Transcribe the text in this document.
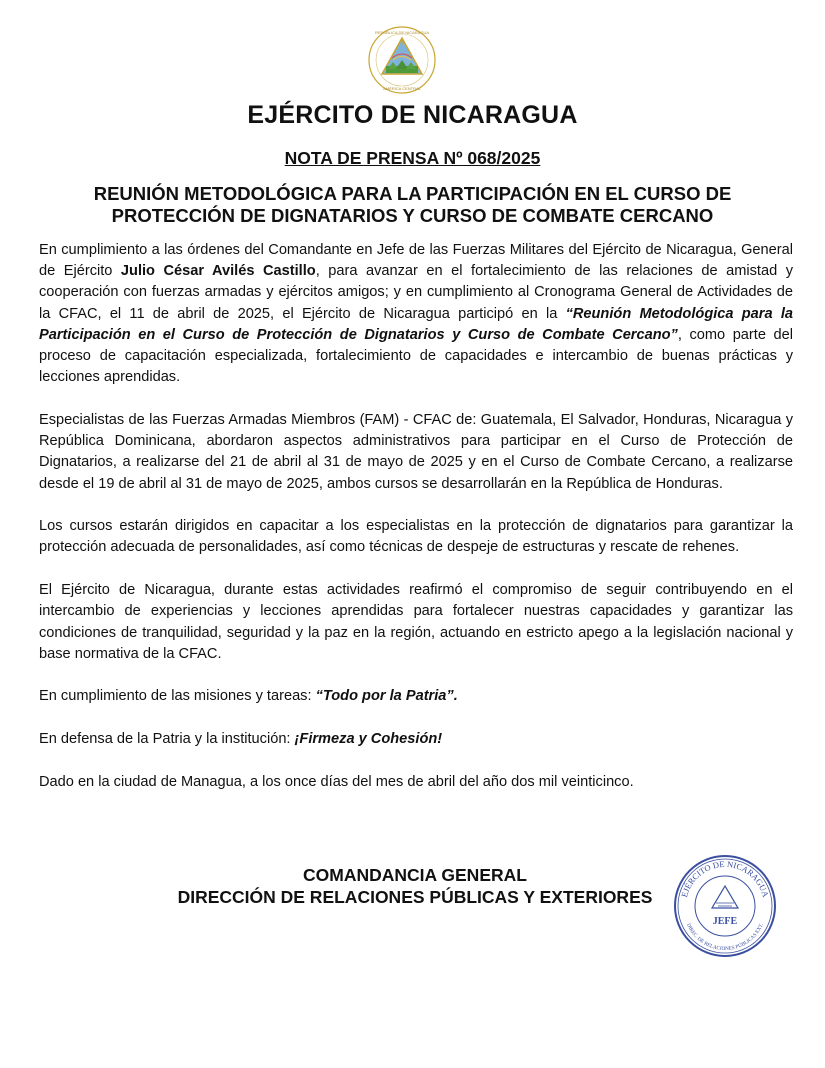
REPÚBLICA DE NICARAGUA
AMÉRICA CENTRAL
EJÉRCITO DE NICARAGUA
NOTA DE PRENSA Nº 068/2025
REUNIÓN METODOLÓGICA PARA LA PARTICIPACIÓN EN EL CURSO DE
PROTECCIÓN DE DIGNATARIOS Y CURSO DE COMBATE CERCANO

En cumplimiento a las órdenes del Comandante en Jefe de las Fuerzas Militares del Ejército de Nicaragua, General de Ejército Julio César Avilés Castillo, para avanzar en el fortalecimiento de las relaciones de amistad y cooperación con fuerzas armadas y ejércitos amigos; y en cumplimiento al Cronograma General de Actividades de la CFAC, el 11 de abril de 2025, el Ejército de Nicaragua participó en la “Reunión Metodológica para la Participación en el Curso de Protección de Dignatarios y Curso de Combate Cercano”, como parte del proceso de capacitación especializada, fortalecimiento de capacidades e intercambio de buenas prácticas y lecciones aprendidas.

Especialistas de las Fuerzas Armadas Miembros (FAM) - CFAC de: Guatemala, El Salvador, Honduras, Nicaragua y República Dominicana, abordaron aspectos administrativos para participar en el Curso de Protección de Dignatarios, a realizarse del 21 de abril al 31 de mayo de 2025 y en el Curso de Combate Cercano, a realizarse desde el 19 de abril al 31 de mayo de 2025, ambos cursos se desarrollarán en la República de Honduras.

Los cursos estarán dirigidos en capacitar a los especialistas en la protección de dignatarios para garantizar la protección adecuada de personalidades, así como técnicas de despeje de estructuras y rescate de rehenes.

El Ejército de Nicaragua, durante estas actividades reafirmó el compromiso de seguir contribuyendo en el intercambio de experiencias y lecciones aprendidas para fortalecer nuestras capacidades y garantizar las condiciones de tranquilidad, seguridad y la paz en la región, actuando en estricto apego a la legislación nacional y base normativa de la CFAC.

En cumplimiento de las misiones y tareas: “Todo por la Patria”.

En defensa de la Patria y la institución: ¡Firmeza y Cohesión!

Dado en la ciudad de Managua, a los once días del mes de abril del año dos mil veinticinco.

COMANDANCIA GENERAL
DIRECCIÓN DE RELACIONES PÚBLICAS Y EXTERIORES	EJÉRCITO DE NICARAGUA
DIREC. DE RELACIONES PÚBLICAS EXT.
JEFE
